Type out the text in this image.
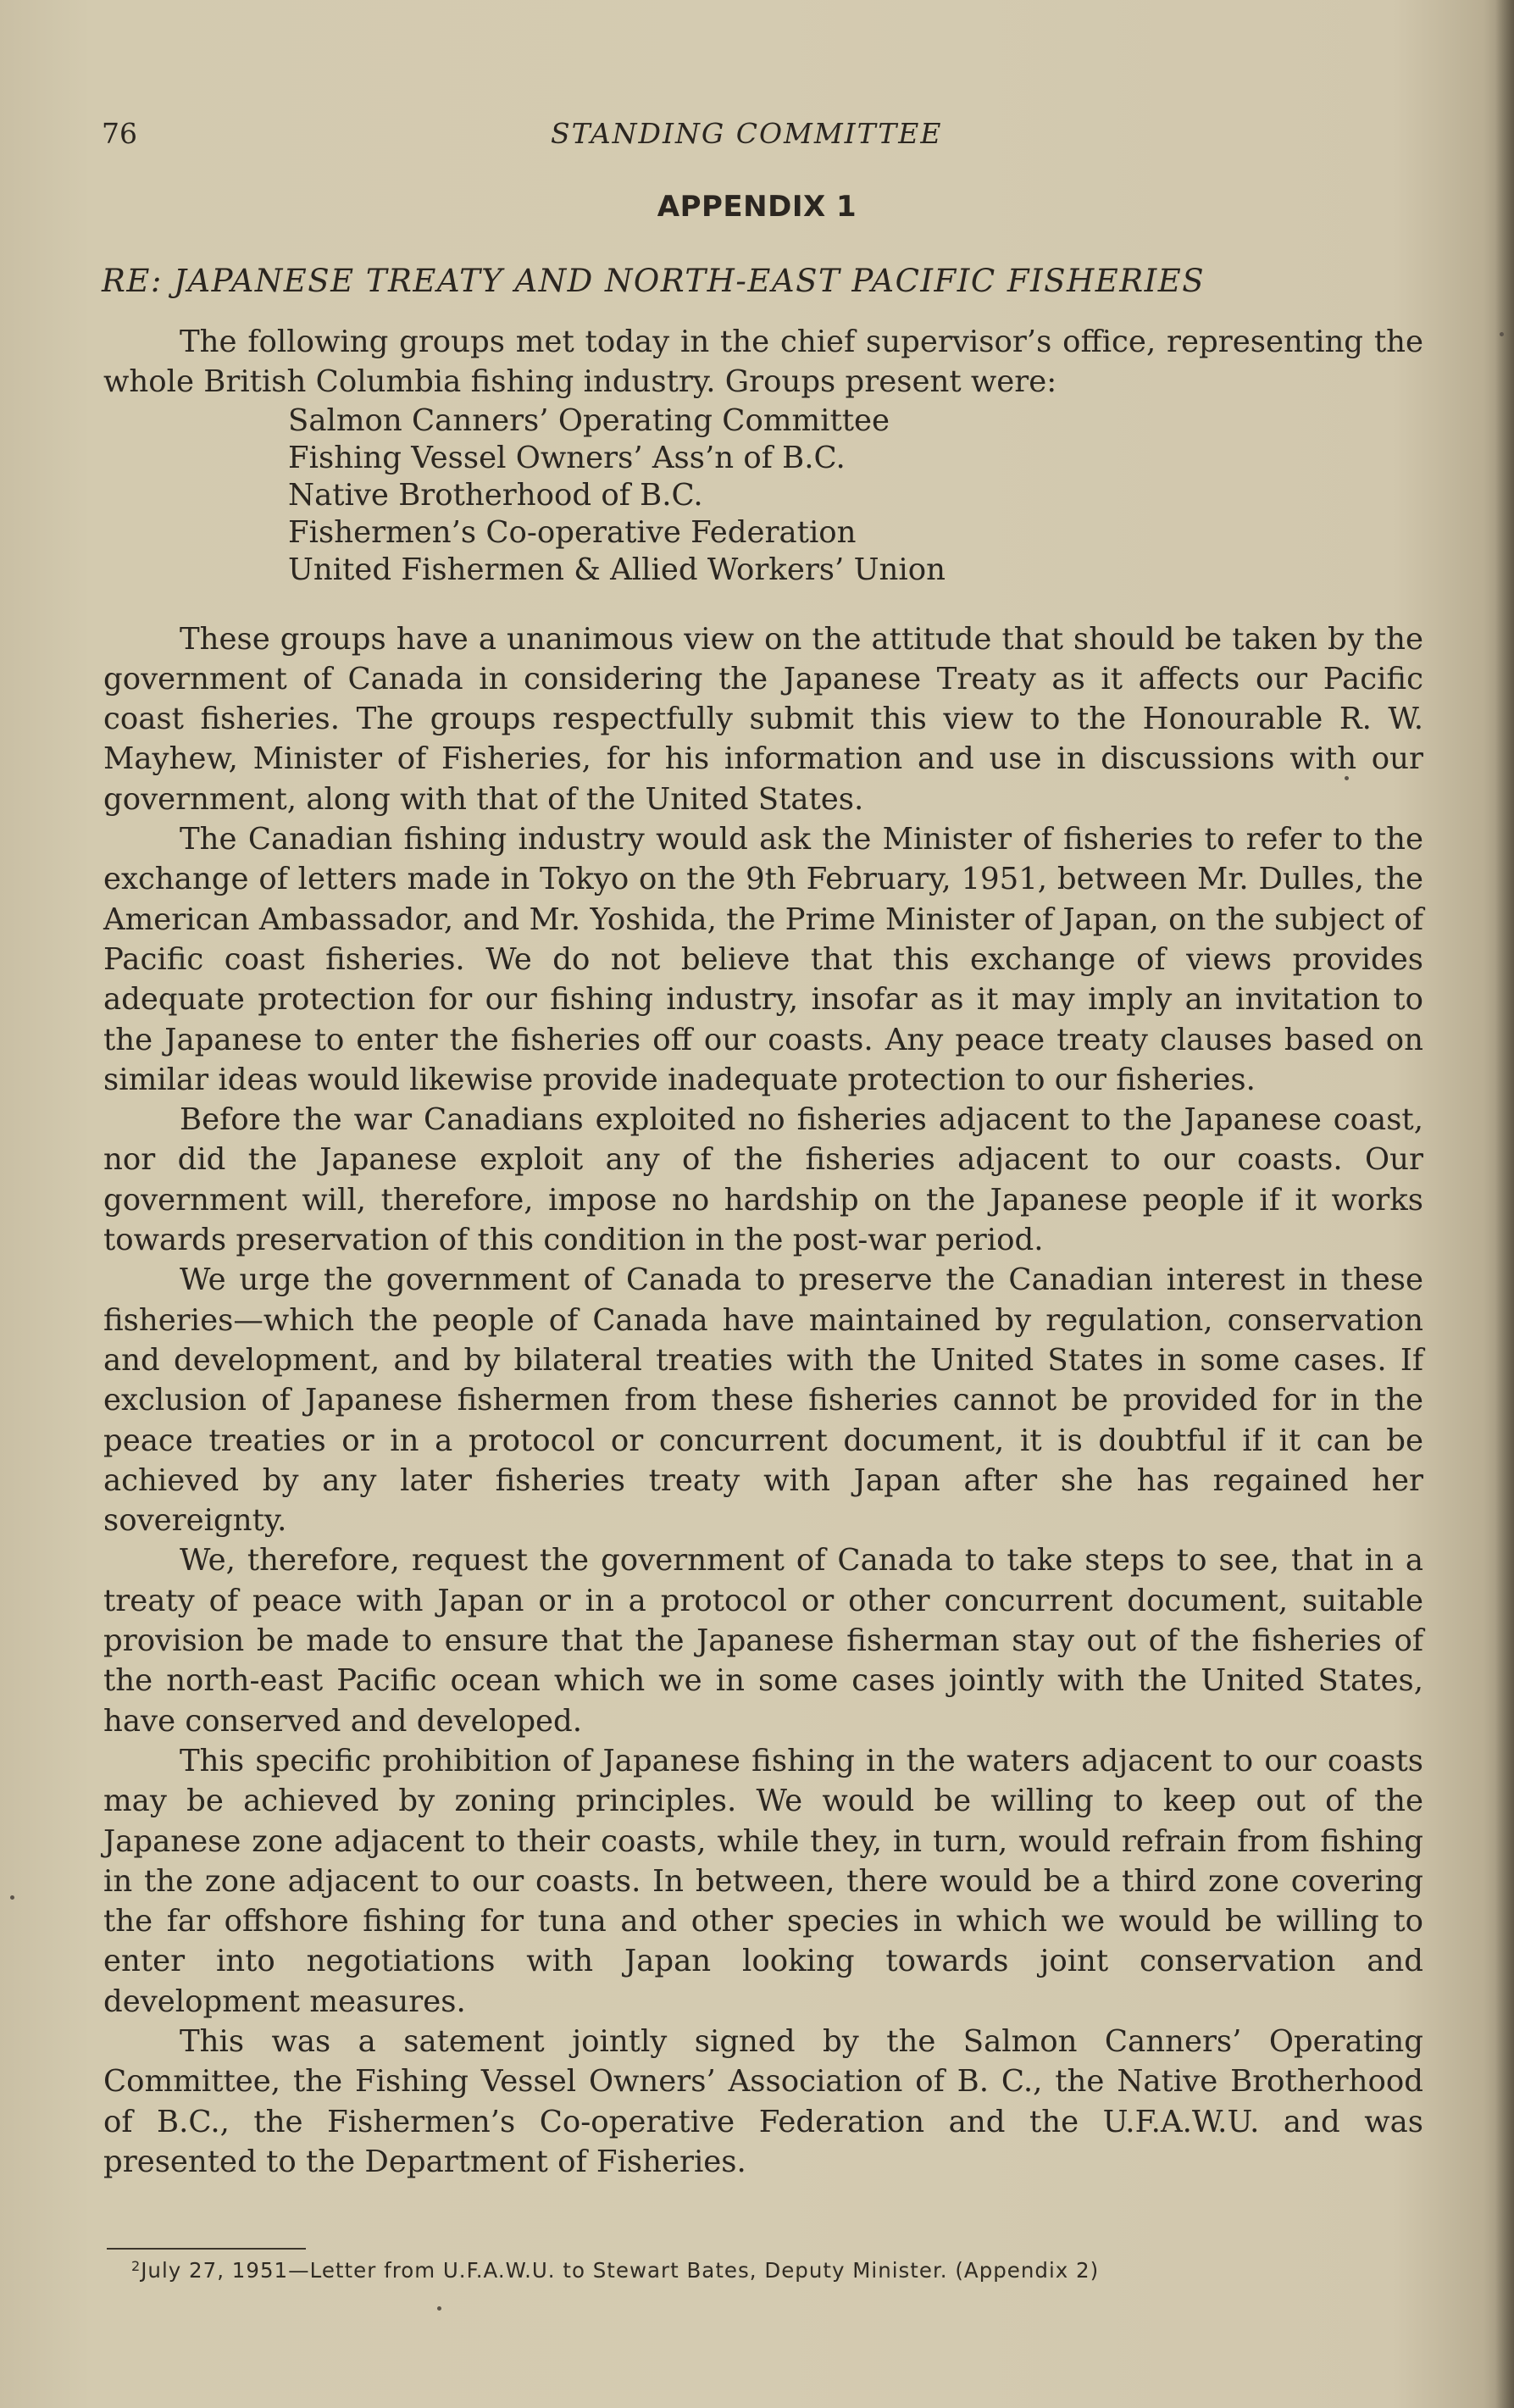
76	STANDING COMMITTEE
APPENDIX 1
RE: JAPANESE TREATY AND NORTH-EAST PACIFIC FISHERIES

The following groups met today in the chief supervisor’s office, representing the whole British Columbia fishing industry. Groups present were:

Salmon Canners’ Operating Committee
Fishing Vessel Owners’ Ass’n of B.C.
Native Brotherhood of B.C.
Fishermen’s Co-operative Federation
United Fishermen & Allied Workers’ Union

These groups have a unanimous view on the attitude that should be taken by the government of Canada in considering the Japanese Treaty as it affects our Pacific coast fisheries. The groups respectfully submit this view to the Honourable R. W. Mayhew, Minister of Fisheries, for his information and use in discussions with our government, along with that of the United States.

The Canadian fishing industry would ask the Minister of fisheries to refer to the exchange of letters made in Tokyo on the 9th February, 1951, between Mr. Dulles, the American Ambassador, and Mr. Yoshida, the Prime Minister of Japan, on the subject of Pacific coast fisheries. We do not believe that this exchange of views provides adequate protection for our fishing industry, insofar as it may imply an invitation to the Japanese to enter the fisheries off our coasts. Any peace treaty clauses based on similar ideas would likewise provide inadequate protection to our fisheries.

Before the war Canadians exploited no fisheries adjacent to the Japanese coast, nor did the Japanese exploit any of the fisheries adjacent to our coasts. Our government will, therefore, impose no hardship on the Japanese people if it works towards preservation of this condition in the post-war period.

We urge the government of Canada to preserve the Canadian interest in these fisheries—which the people of Canada have maintained by regulation, conservation and development, and by bilateral treaties with the United States in some cases. If exclusion of Japanese fishermen from these fisheries cannot be provided for in the peace treaties or in a protocol or concurrent document, it is doubtful if it can be achieved by any later fisheries treaty with Japan after she has regained her sovereignty.

We, therefore, request the government of Canada to take steps to see, that in a treaty of peace with Japan or in a protocol or other concurrent document, suitable provision be made to ensure that the Japanese fisherman stay out of the fisheries of the north-east Pacific ocean which we in some cases jointly with the United States, have conserved and developed.

This specific prohibition of Japanese fishing in the waters adjacent to our coasts may be achieved by zoning principles. We would be willing to keep out of the Japanese zone adjacent to their coasts, while they, in turn, would refrain from fishing in the zone adjacent to our coasts. In between, there would be a third zone covering the far offshore fishing for tuna and other species in which we would be willing to enter into negotiations with Japan looking towards joint conservation and development measures.

This was a satement jointly signed by the Salmon Canners’ Operating Committee, the Fishing Vessel Owners’ Association of B. C., the Native Brotherhood of B.C., the Fishermen’s Co-operative Federation and the U.F.A.W.U. and was presented to the Department of Fisheries.

$^2$July 27, 1951—Letter from U.F.A.W.U. to Stewart Bates, Deputy Minister. (Appendix 2)
